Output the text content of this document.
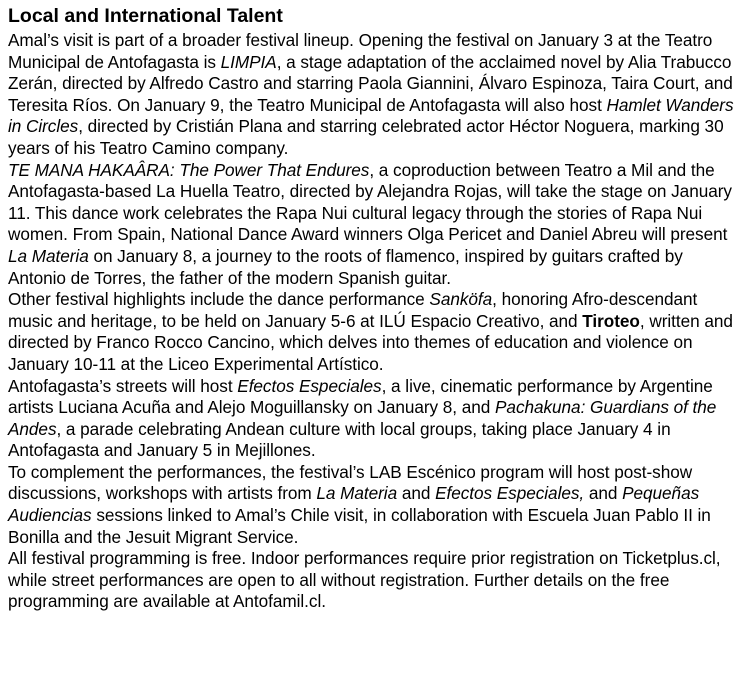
Local and International Talent

Amal’s visit is part of a broader festival lineup. Opening the festival on January 3 at the Teatro Municipal de Antofagasta is LIMPIA, a stage adaptation of the acclaimed novel by Alia Trabucco Zerán, directed by Alfredo Castro and starring Paola Giannini, Álvaro Espinoza, Taira Court, and Teresita Ríos. On January 9, the Teatro Municipal de Antofagasta will also host Hamlet Wanders in Circles, directed by Cristián Plana and starring celebrated actor Héctor Noguera, marking 30 years of his Teatro Camino company.

TE MANA HAKAÂRA: The Power That Endures, a coproduction between Teatro a Mil and the Antofagasta-based La Huella Teatro, directed by Alejandra Rojas, will take the stage on January 11. This dance work celebrates the Rapa Nui cultural legacy through the stories of Rapa Nui women. From Spain, National Dance Award winners Olga Pericet and Daniel Abreu will present La Materia on January 8, a journey to the roots of flamenco, inspired by guitars crafted by Antonio de Torres, the father of the modern Spanish guitar.

Other festival highlights include the dance performance Sanköfa, honoring Afro-descendant music and heritage, to be held on January 5-6 at ILÚ Espacio Creativo, and Tiroteo, written and directed by Franco Rocco Cancino, which delves into themes of education and violence on January 10-11 at the Liceo Experimental Artístico.

Antofagasta’s streets will host Efectos Especiales, a live, cinematic performance by Argentine artists Luciana Acuña and Alejo Moguillansky on January 8, and Pachakuna: Guardians of the Andes, a parade celebrating Andean culture with local groups, taking place January 4 in Antofagasta and January 5 in Mejillones.

To complement the performances, the festival’s LAB Escénico program will host post-show discussions, workshops with artists from La Materia and Efectos Especiales, and Pequeñas Audiencias sessions linked to Amal’s Chile visit, in collaboration with Escuela Juan Pablo II in Bonilla and the Jesuit Migrant Service.

All festival programming is free. Indoor performances require prior registration on Ticketplus.cl, while street performances are open to all without registration. Further details on the free programming are available at Antofamil.cl.
